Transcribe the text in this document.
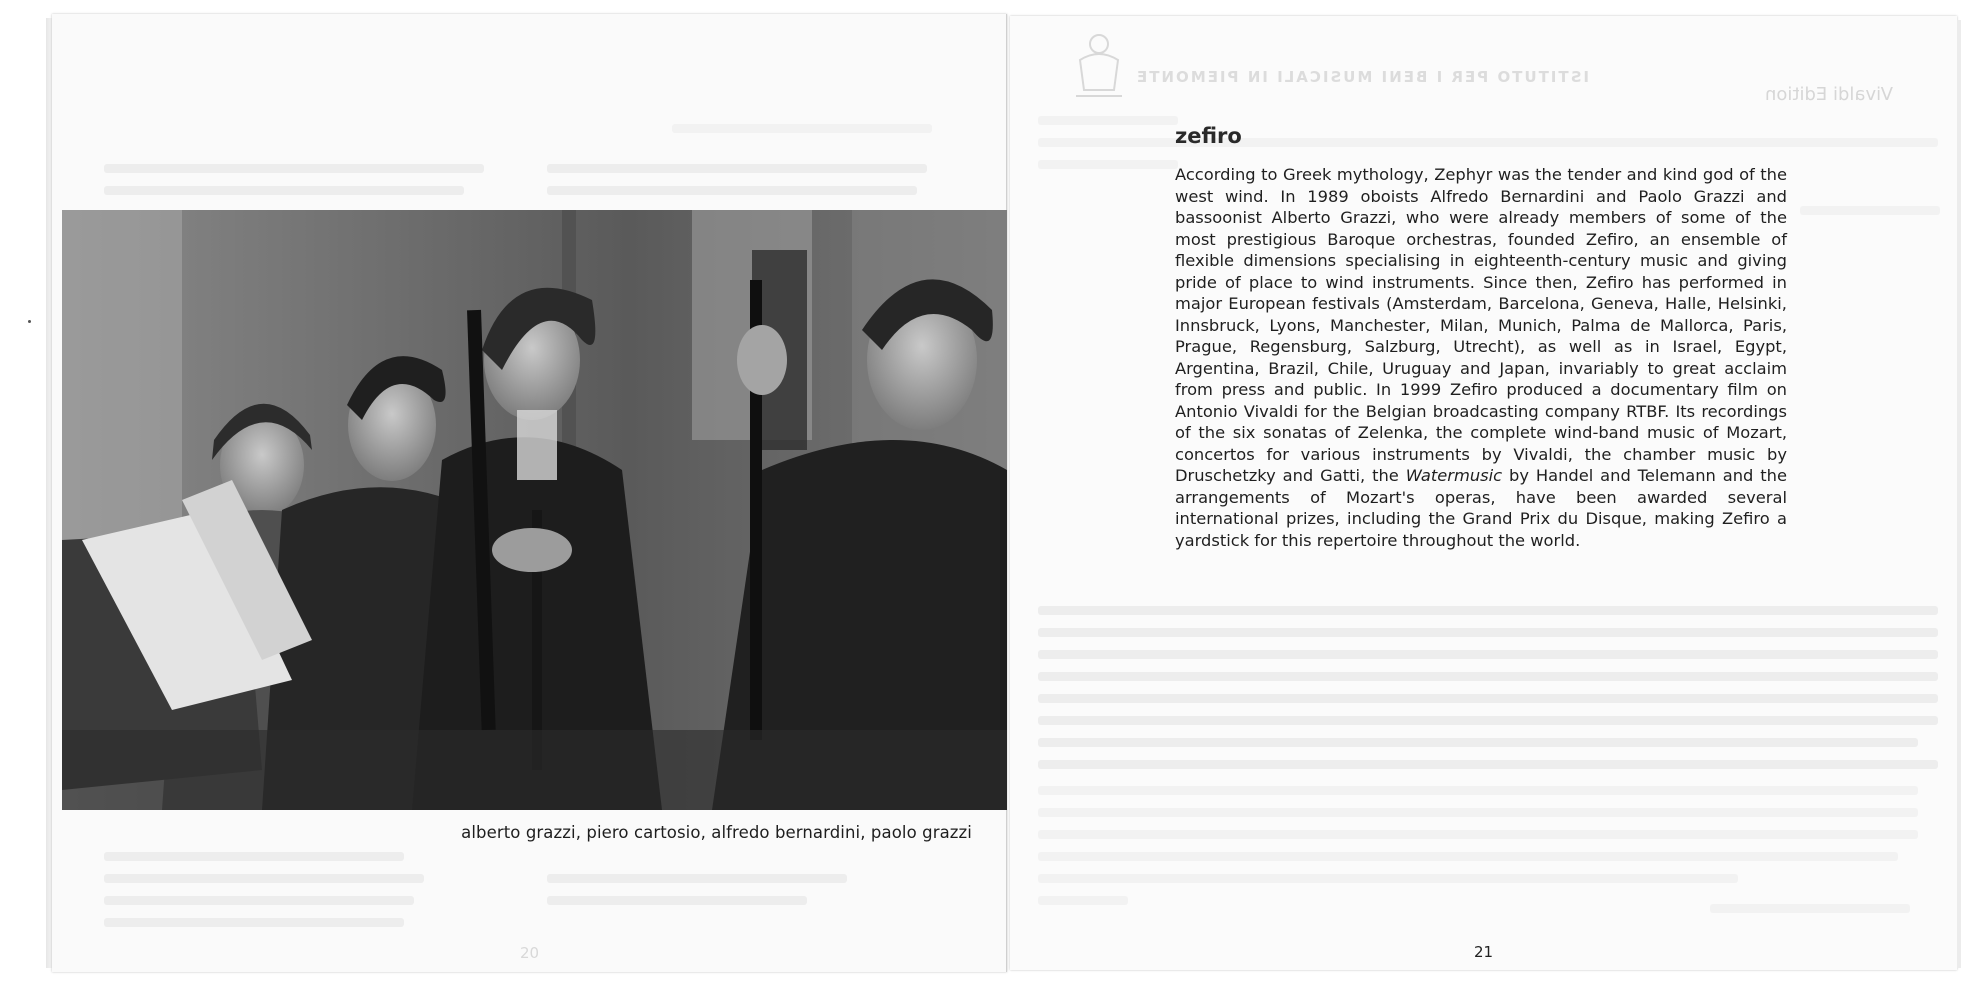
alberto grazzi, piero cartosio, alfredo bernardini, paolo grazzi
20
ISTITUTO PER I BENI MUSICALI IN PIEMONTE
Vivaldi Edition
zefiro
According to Greek mythology, Zephyr was the tender and kind god of the west wind. In 1989 oboists Alfredo Bernardini and Paolo Grazzi and bassoonist Alberto Grazzi, who were already members of some of the most prestigious Baroque orchestras, founded Zefiro, an ensemble of flexible dimensions specialising in eighteenth-century music and giving pride of place to wind instruments. Since then, Zefiro has performed in major European festivals (Amsterdam, Barcelona, Geneva, Halle, Helsinki, Innsbruck, Lyons, Manchester, Milan, Munich, Palma de Mallorca, Paris, Prague, Regensburg, Salzburg, Utrecht), as well as in Israel, Egypt, Argentina, Brazil, Chile, Uruguay and Japan, invariably to great acclaim from press and public. In 1999 Zefiro produced a documentary film on Antonio Vivaldi for the Belgian broadcasting company RTBF. Its recordings of the six sonatas of Zelenka, the complete wind-band music of Mozart, concertos for various instruments by Vivaldi, the chamber music by Druschetzky and Gatti, the Watermusic by Handel and Telemann and the arrangements of Mozart's operas, have been awarded several international prizes, including the Grand Prix du Disque, making Zefiro a yardstick for this repertoire throughout the world.
21
